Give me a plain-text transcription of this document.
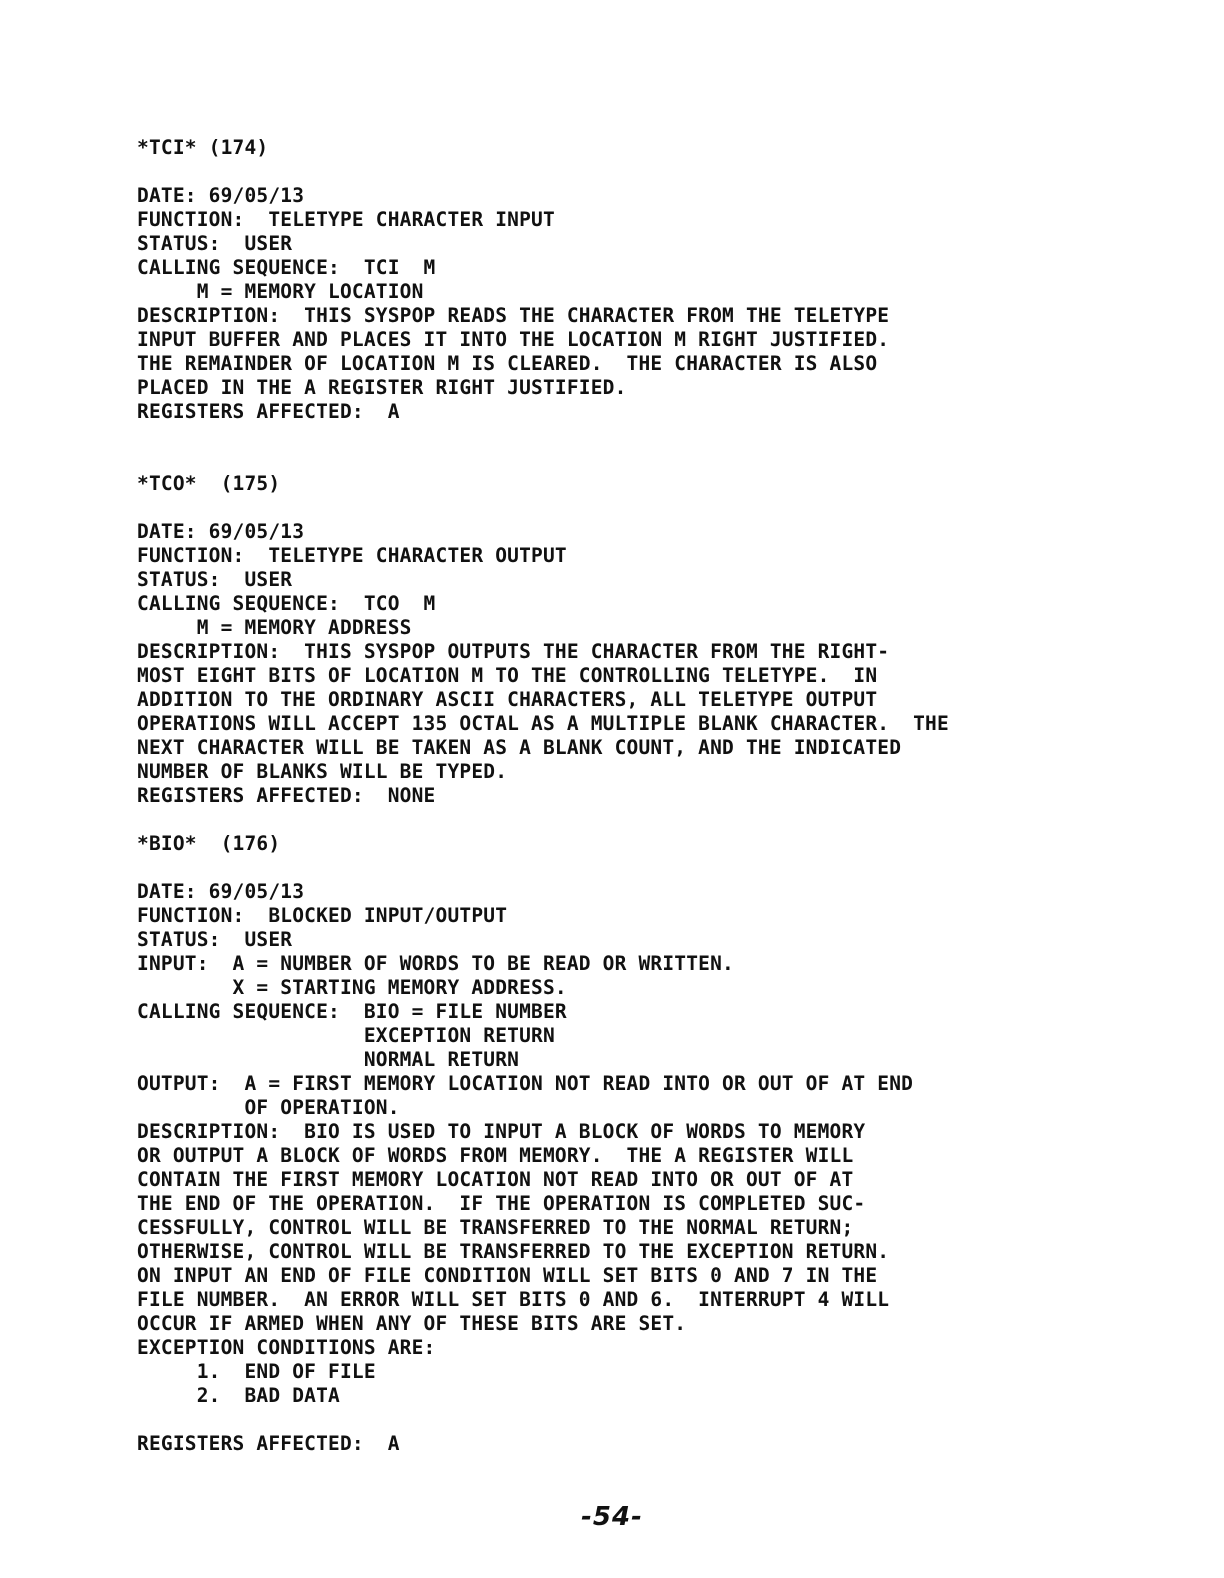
*TCI* (174)
DATE: 69/05/13
FUNCTION:  TELETYPE CHARACTER INPUT
STATUS:  USER
CALLING SEQUENCE:  TCI  M
M = MEMORY LOCATION
DESCRIPTION:  THIS SYSPOP READS THE CHARACTER FROM THE TELETYPE
INPUT BUFFER AND PLACES IT INTO THE LOCATION M RIGHT JUSTIFIED.
THE REMAINDER OF LOCATION M IS CLEARED.  THE CHARACTER IS ALSO
PLACED IN THE A REGISTER RIGHT JUSTIFIED.
REGISTERS AFFECTED:  A
*TCO*  (175)
DATE: 69/05/13
FUNCTION:  TELETYPE CHARACTER OUTPUT
STATUS:  USER
CALLING SEQUENCE:  TCO  M
M = MEMORY ADDRESS
DESCRIPTION:  THIS SYSPOP OUTPUTS THE CHARACTER FROM THE RIGHT-
MOST EIGHT BITS OF LOCATION M TO THE CONTROLLING TELETYPE.  IN
ADDITION TO THE ORDINARY ASCII CHARACTERS, ALL TELETYPE OUTPUT
OPERATIONS WILL ACCEPT 135 OCTAL AS A MULTIPLE BLANK CHARACTER.  THE
NEXT CHARACTER WILL BE TAKEN AS A BLANK COUNT, AND THE INDICATED
NUMBER OF BLANKS WILL BE TYPED.
REGISTERS AFFECTED:  NONE
*BIO*  (176)
DATE: 69/05/13
FUNCTION:  BLOCKED INPUT/OUTPUT
STATUS:  USER
INPUT:  A = NUMBER OF WORDS TO BE READ OR WRITTEN.
X = STARTING MEMORY ADDRESS.
CALLING SEQUENCE:  BIO = FILE NUMBER
EXCEPTION RETURN
NORMAL RETURN
OUTPUT:  A = FIRST MEMORY LOCATION NOT READ INTO OR OUT OF AT END
OF OPERATION.
DESCRIPTION:  BIO IS USED TO INPUT A BLOCK OF WORDS TO MEMORY
OR OUTPUT A BLOCK OF WORDS FROM MEMORY.  THE A REGISTER WILL
CONTAIN THE FIRST MEMORY LOCATION NOT READ INTO OR OUT OF AT
THE END OF THE OPERATION.  IF THE OPERATION IS COMPLETED SUC-
CESSFULLY, CONTROL WILL BE TRANSFERRED TO THE NORMAL RETURN;
OTHERWISE, CONTROL WILL BE TRANSFERRED TO THE EXCEPTION RETURN.
ON INPUT AN END OF FILE CONDITION WILL SET BITS 0 AND 7 IN THE
FILE NUMBER.  AN ERROR WILL SET BITS 0 AND 6.  INTERRUPT 4 WILL
OCCUR IF ARMED WHEN ANY OF THESE BITS ARE SET.
EXCEPTION CONDITIONS ARE:
1.  END OF FILE
2.  BAD DATA
REGISTERS AFFECTED:  A
-54-
